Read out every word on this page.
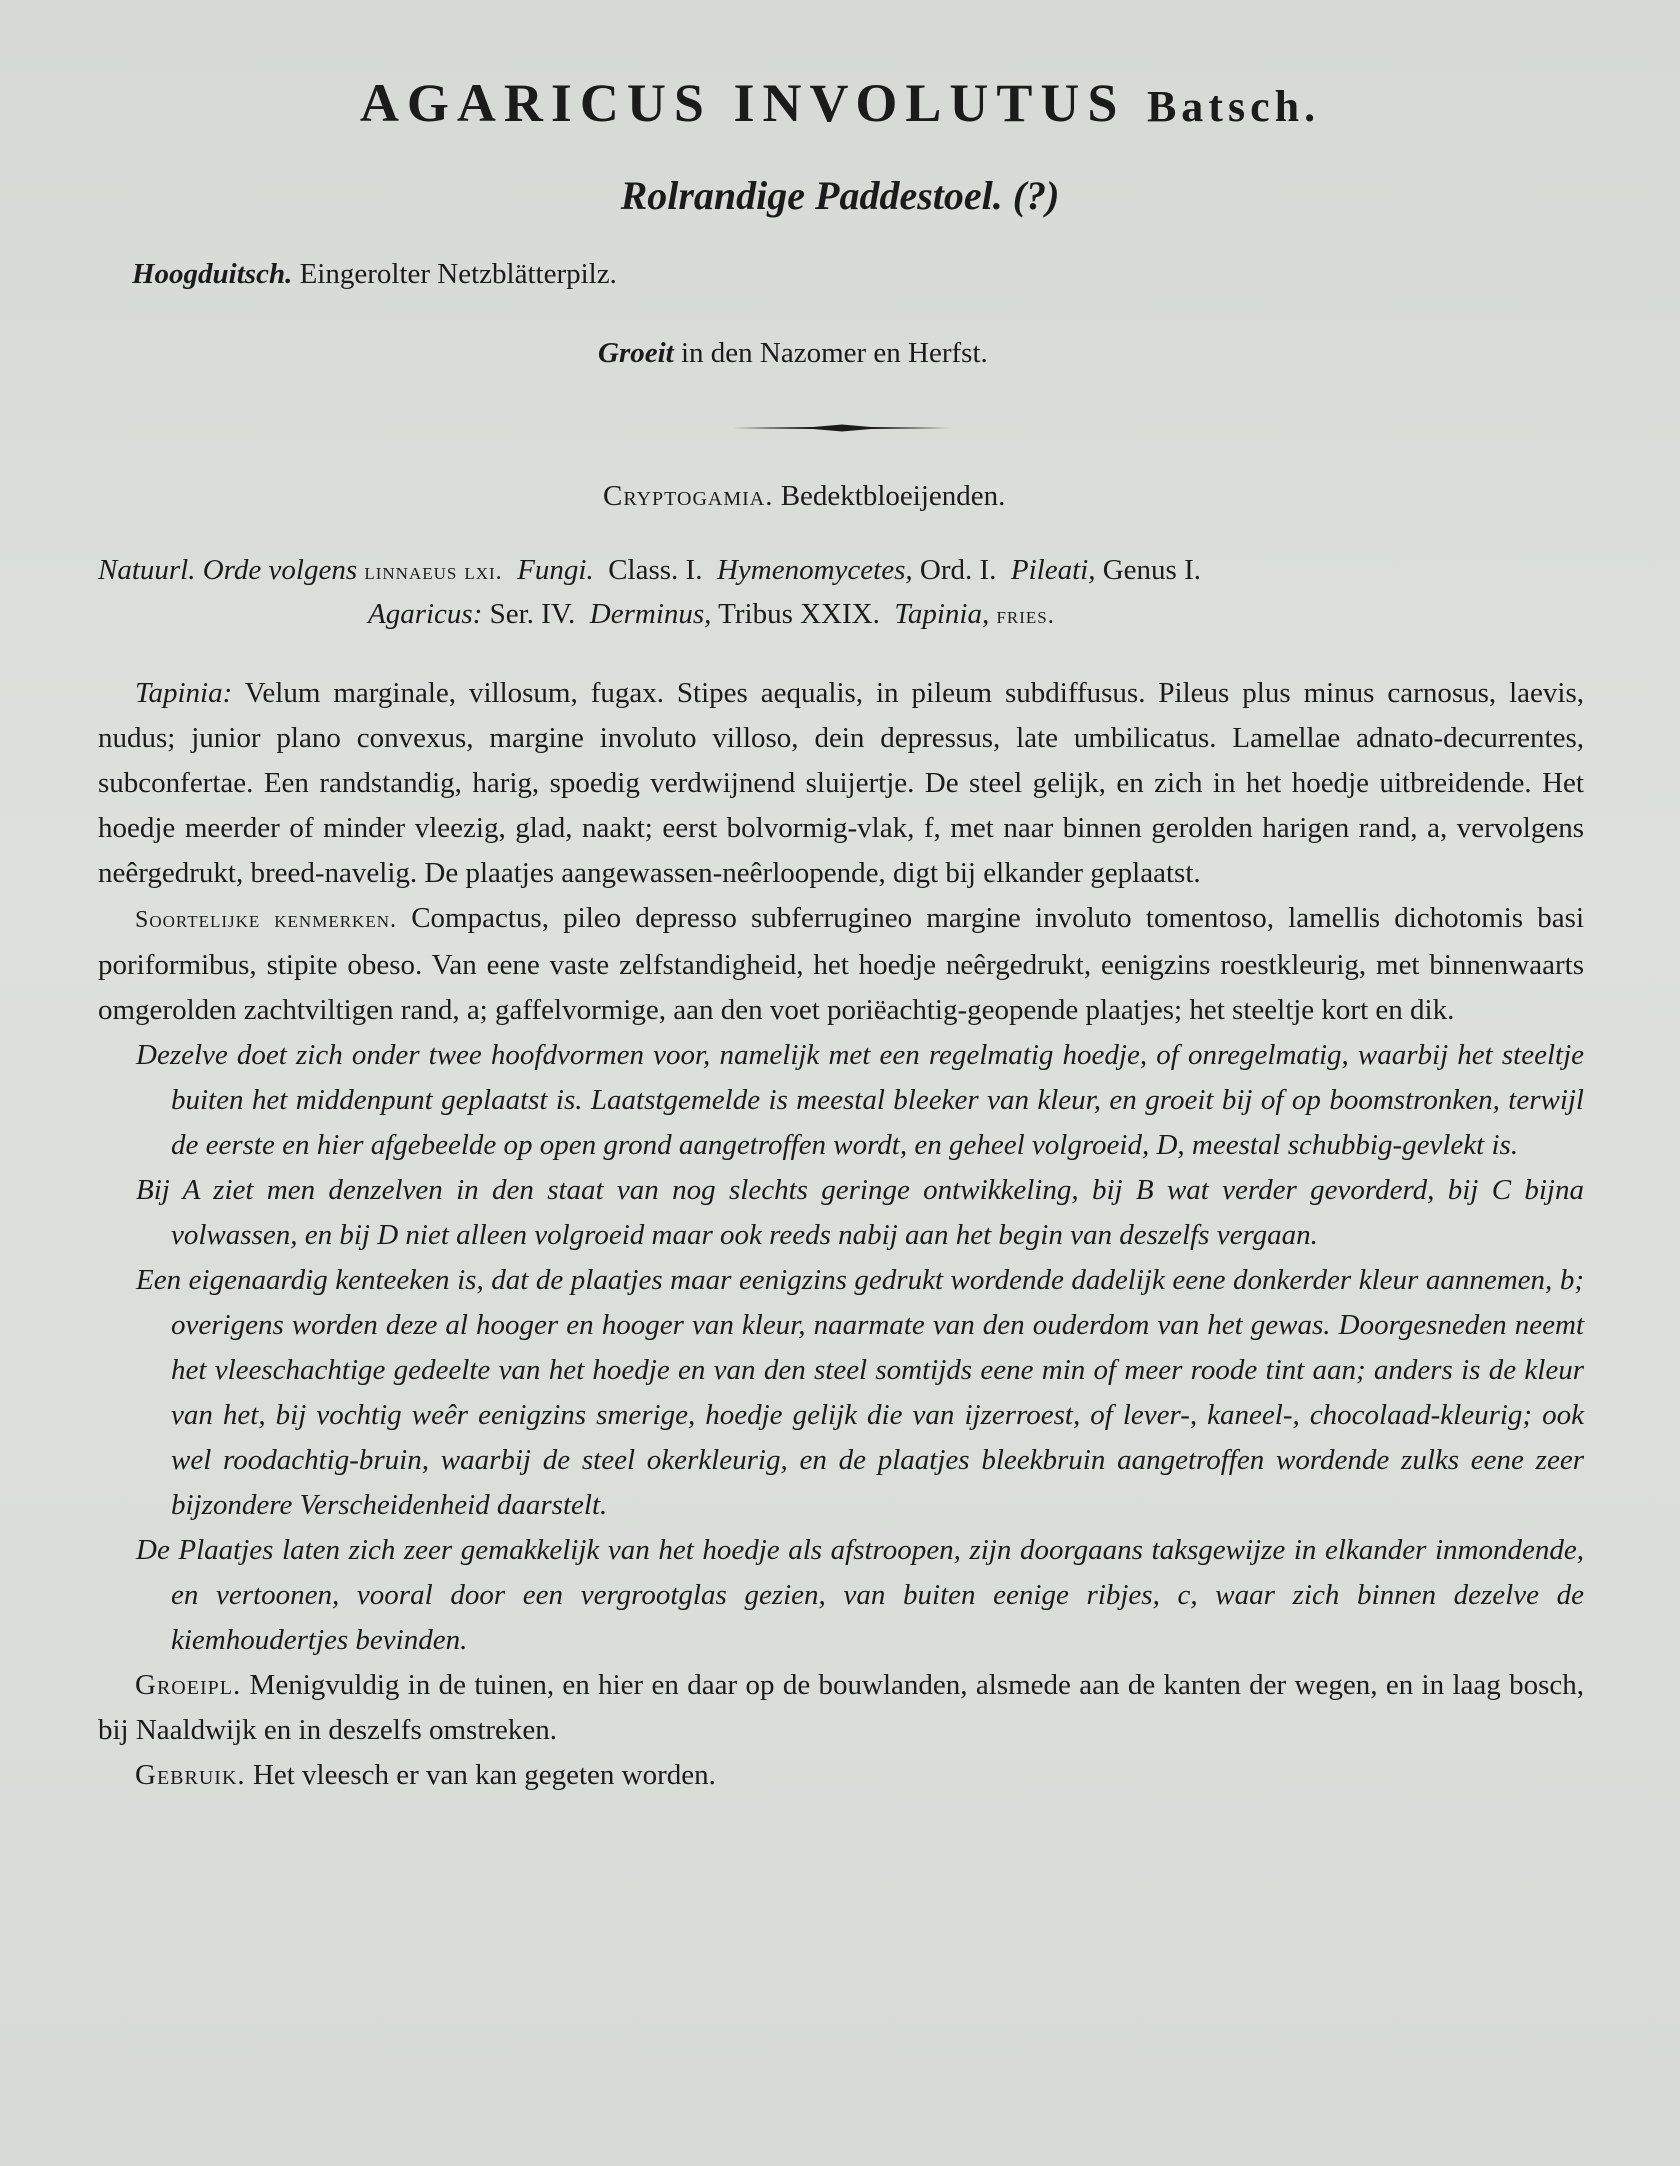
AGARICUS INVOLUTUS Batsch.
Rolrandige Paddestoel. (?)
Hoogduitsch. Eingerolter Netzblätterpilz.
Groeit in den Nazomer en Herfst.
Cryptogamia. Bedektbloeijenden.
Natuurl. Orde volgens linnaeus lxi. Fungi. Class. I. Hymenomycetes, Ord. I. Pileati, Genus I.
Agaricus: Ser. IV. Derminus, Tribus XXIX. Tapinia, fries.

Tapinia: Velum marginale, villosum, fugax. Stipes aequalis, in pileum subdiffusus. Pileus plus minus carnosus, laevis, nudus; junior plano convexus, margine involuto villoso, dein depressus, late umbilicatus. Lamellae adnato-decurrentes, subconfertae. Een randstandig, harig, spoedig verdwijnend sluijertje. De steel gelijk, en zich in het hoedje uitbreidende. Het hoedje meerder of minder vleezig, glad, naakt; eerst bolvormig-vlak, f, met naar binnen gerolden harigen rand, a, vervolgens neêrgedrukt, breed-navelig. De plaatjes aangewassen-neêrloopende, digt bij elkander geplaatst.

Soortelijke kenmerken. Compactus, pileo depresso subferrugineo margine involuto tomentoso, lamellis dichotomis basi poriformibus, stipite obeso. Van eene vaste zelfstandigheid, het hoedje neêrgedrukt, eenigzins roestkleurig, met binnenwaarts omgerolden zachtviltigen rand, a; gaffelvormige, aan den voet poriëachtig-geopende plaatjes; het steeltje kort en dik.

Dezelve doet zich onder twee hoofdvormen voor, namelijk met een regelmatig hoedje, of onregelmatig, waarbij het steeltje buiten het middenpunt geplaatst is. Laatstgemelde is meestal bleeker van kleur, en groeit bij of op boomstronken, terwijl de eerste en hier afgebeelde op open grond aangetroffen wordt, en geheel volgroeid, D, meestal schubbig-gevlekt is.

Bij A ziet men denzelven in den staat van nog slechts geringe ontwikkeling, bij B wat verder gevorderd, bij C bijna volwassen, en bij D niet alleen volgroeid maar ook reeds nabij aan het begin van deszelfs vergaan.

Een eigenaardig kenteeken is, dat de plaatjes maar eenigzins gedrukt wordende dadelijk eene donkerder kleur aannemen, b; overigens worden deze al hooger en hooger van kleur, naarmate van den ouderdom van het gewas. Doorgesneden neemt het vleeschachtige gedeelte van het hoedje en van den steel somtijds eene min of meer roode tint aan; anders is de kleur van het, bij vochtig weêr eenigzins smerige, hoedje gelijk die van ijzerroest, of lever-, kaneel-, chocolaad-kleurig; ook wel roodachtig-bruin, waarbij de steel okerkleurig, en de plaatjes bleekbruin aangetroffen wordende zulks eene zeer bijzondere Verscheidenheid daarstelt.

De Plaatjes laten zich zeer gemakkelijk van het hoedje als afstroopen, zijn doorgaans taksgewijze in elkander inmondende, en vertoonen, vooral door een vergrootglas gezien, van buiten eenige ribjes, c, waar zich binnen dezelve de kiemhoudertjes bevinden.

Groeipl. Menigvuldig in de tuinen, en hier en daar op de bouwlanden, alsmede aan de kanten der wegen, en in laag bosch, bij Naaldwijk en in deszelfs omstreken.

Gebruik. Het vleesch er van kan gegeten worden.
